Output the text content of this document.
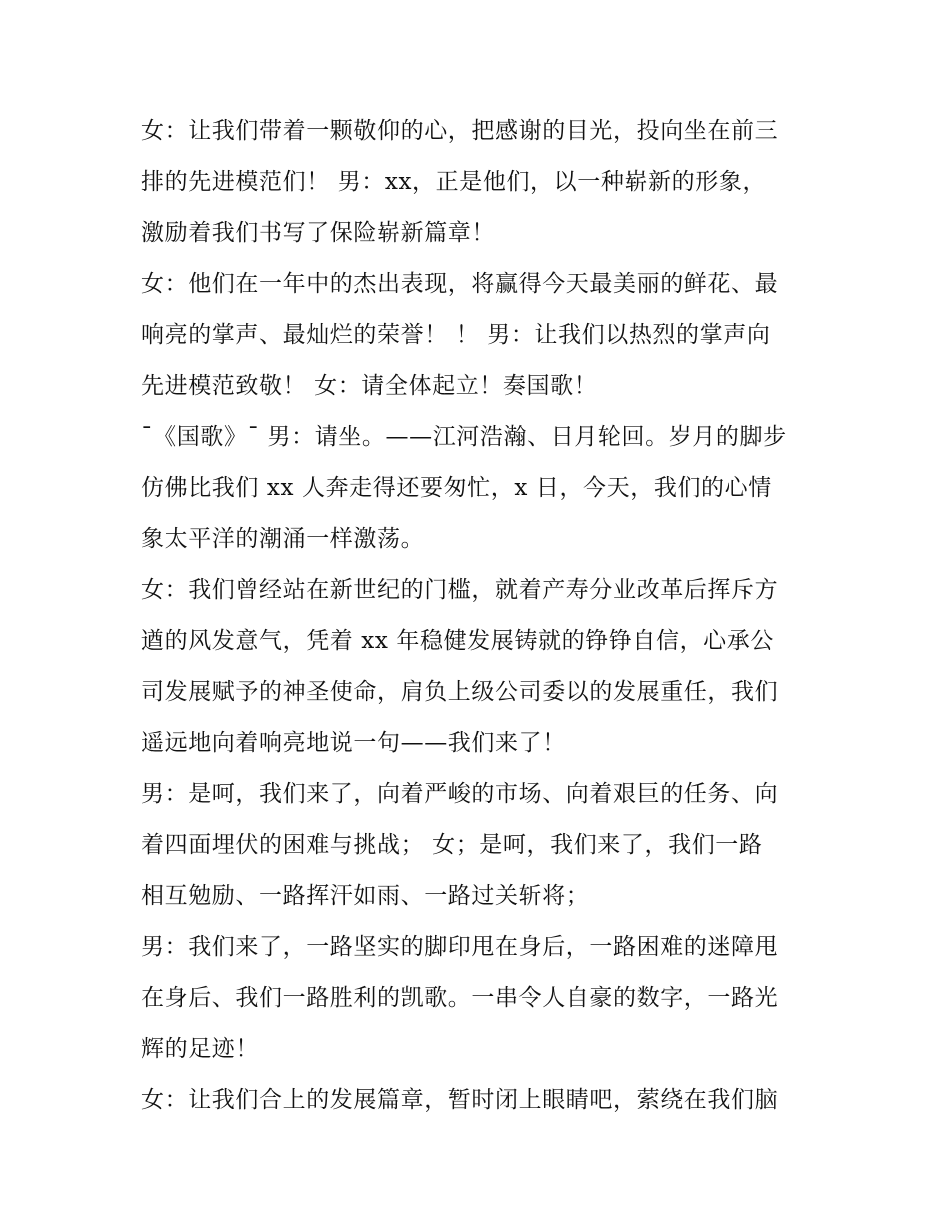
女：让我们带着一颗敬仰的心，把感谢的目光，投向坐在前三
排的先进模范们！ 男：xx，正是他们，以一种崭新的形象，
激励着我们书写了保险崭新篇章！
女：他们在一年中的杰出表现，将赢得今天最美丽的鲜花、最
响亮的掌声、最灿烂的荣誉！ ！ 男：让我们以热烈的掌声向
先进模范致敬！ 女：请全体起立！奏国歌！
¯《国歌》¯ 男：请坐。——江河浩瀚、日月轮回。岁月的脚步
仿佛比我们 xx 人奔走得还要匆忙，x 日，今天，我们的心情
象太平洋的潮涌一样激荡。
女：我们曾经站在新世纪的门槛，就着产寿分业改革后挥斥方
遒的风发意气，凭着 xx 年稳健发展铸就的铮铮自信，心承公
司发展赋予的神圣使命，肩负上级公司委以的发展重任，我们
遥远地向着响亮地说一句——我们来了！
男：是呵，我们来了，向着严峻的市场、向着艰巨的任务、向
着四面埋伏的困难与挑战； 女；是呵，我们来了，我们一路
相互勉励、一路挥汗如雨、一路过关斩将；
男：我们来了，一路坚实的脚印甩在身后，一路困难的迷障甩
在身后、我们一路胜利的凯歌。一串令人自豪的数字，一路光
辉的足迹！
女：让我们合上的发展篇章，暂时闭上眼睛吧，萦绕在我们脑
